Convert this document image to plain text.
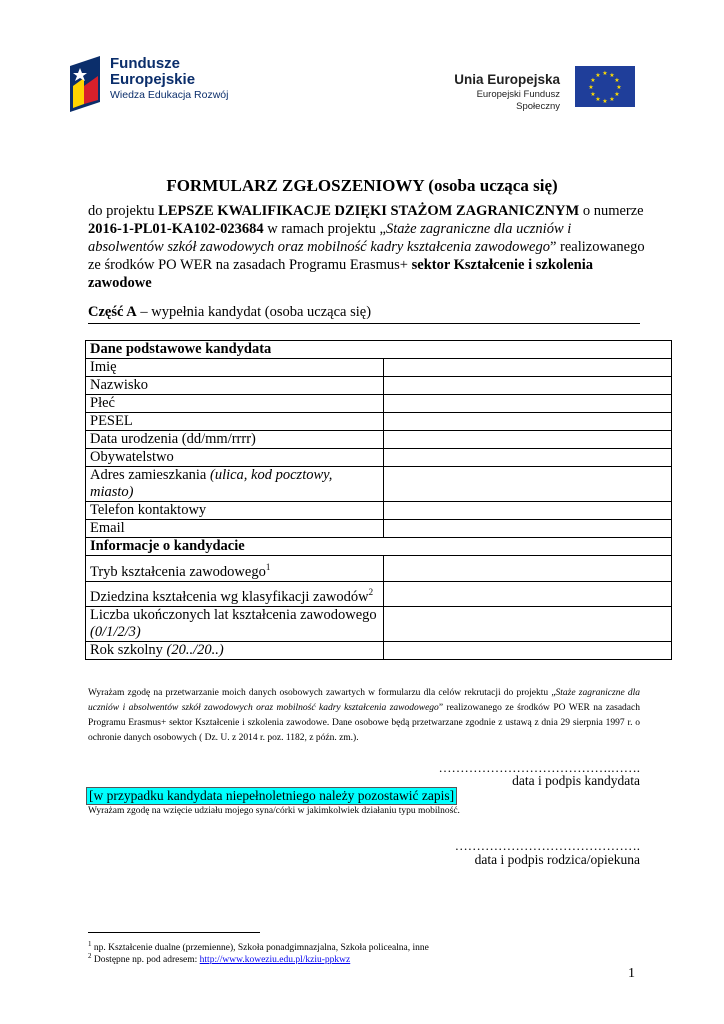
Fundusze
Europejskie
Wiedza Edukacja Rozwój
Unia Europejska
Europejski Fundusz Społeczny
★ ★
★
★
★
★
★
★
★
★
★
★
FORMULARZ ZGŁOSZENIOWY (osoba ucząca się)
do projektu LEPSZE KWALIFIKACJE DZIĘKI STAŻOM ZAGRANICZNYM o numerze 2016-1-PL01-KA102-023684 w ramach projektu „Staże zagraniczne dla uczniów i absolwentów szkół zawodowych oraz mobilność kadry kształcenia zawodowego” realizowanego ze środków PO WER na zasadach Programu Erasmus+ sektor Kształcenie i szkolenia zawodowe
Część A – wypełnia kandydat (osoba ucząca się)
Dane podstawowe kandydata	
Imię	
Nazwisko	
Płeć	
PESEL	
Data urodzenia (dd/mm/rrrr)	
Obywatelstwo	
Adres zamieszkania (ulica, kod pocztowy, miasto)	
Telefon kontaktowy	
Email	
Informacje o kandydacie	
Tryb kształcenia zawodowego$^1$	
Dziedzina kształcenia wg klasyfikacji zawodów$^2$	
Liczba ukończonych lat kształcenia zawodowego (0/1/2/3)	
Rok szkolny (20../20..)	
Wyrażam zgodę na przetwarzanie moich danych osobowych zawartych w formularzu dla celów rekrutacji do projektu „Staże zagraniczne dla uczniów i absolwentów szkół zawodowych oraz mobilność kadry kształcenia zawodowego” realizowanego ze środków PO WER na zasadach Programu Erasmus+ sektor Kształcenie i szkolenia zawodowe. Dane osobowe będą przetwarzane zgodnie z ustawą z dnia 29 sierpnia 1997 r. o ochronie danych osobowych ( Dz. U. z 2014 r. poz. 1182, z późn. zm.).
………………………………….…….
data i podpis kandydata
[w przypadku kandydata niepełnoletniego należy pozostawić zapis]
Wyrażam zgodę na wzięcie udziału mojego syna/córki w jakimkolwiek działaniu typu mobilność.
…………………………………….
data i podpis rodzica/opiekuna
$^1$ np. Kształcenie dualne (przemienne), Szkoła ponadgimnazjalna, Szkoła policealna, inne
$^2$ Dostępne np. pod adresem: http://www.koweziu.edu.pl/kziu-ppkwz
1
